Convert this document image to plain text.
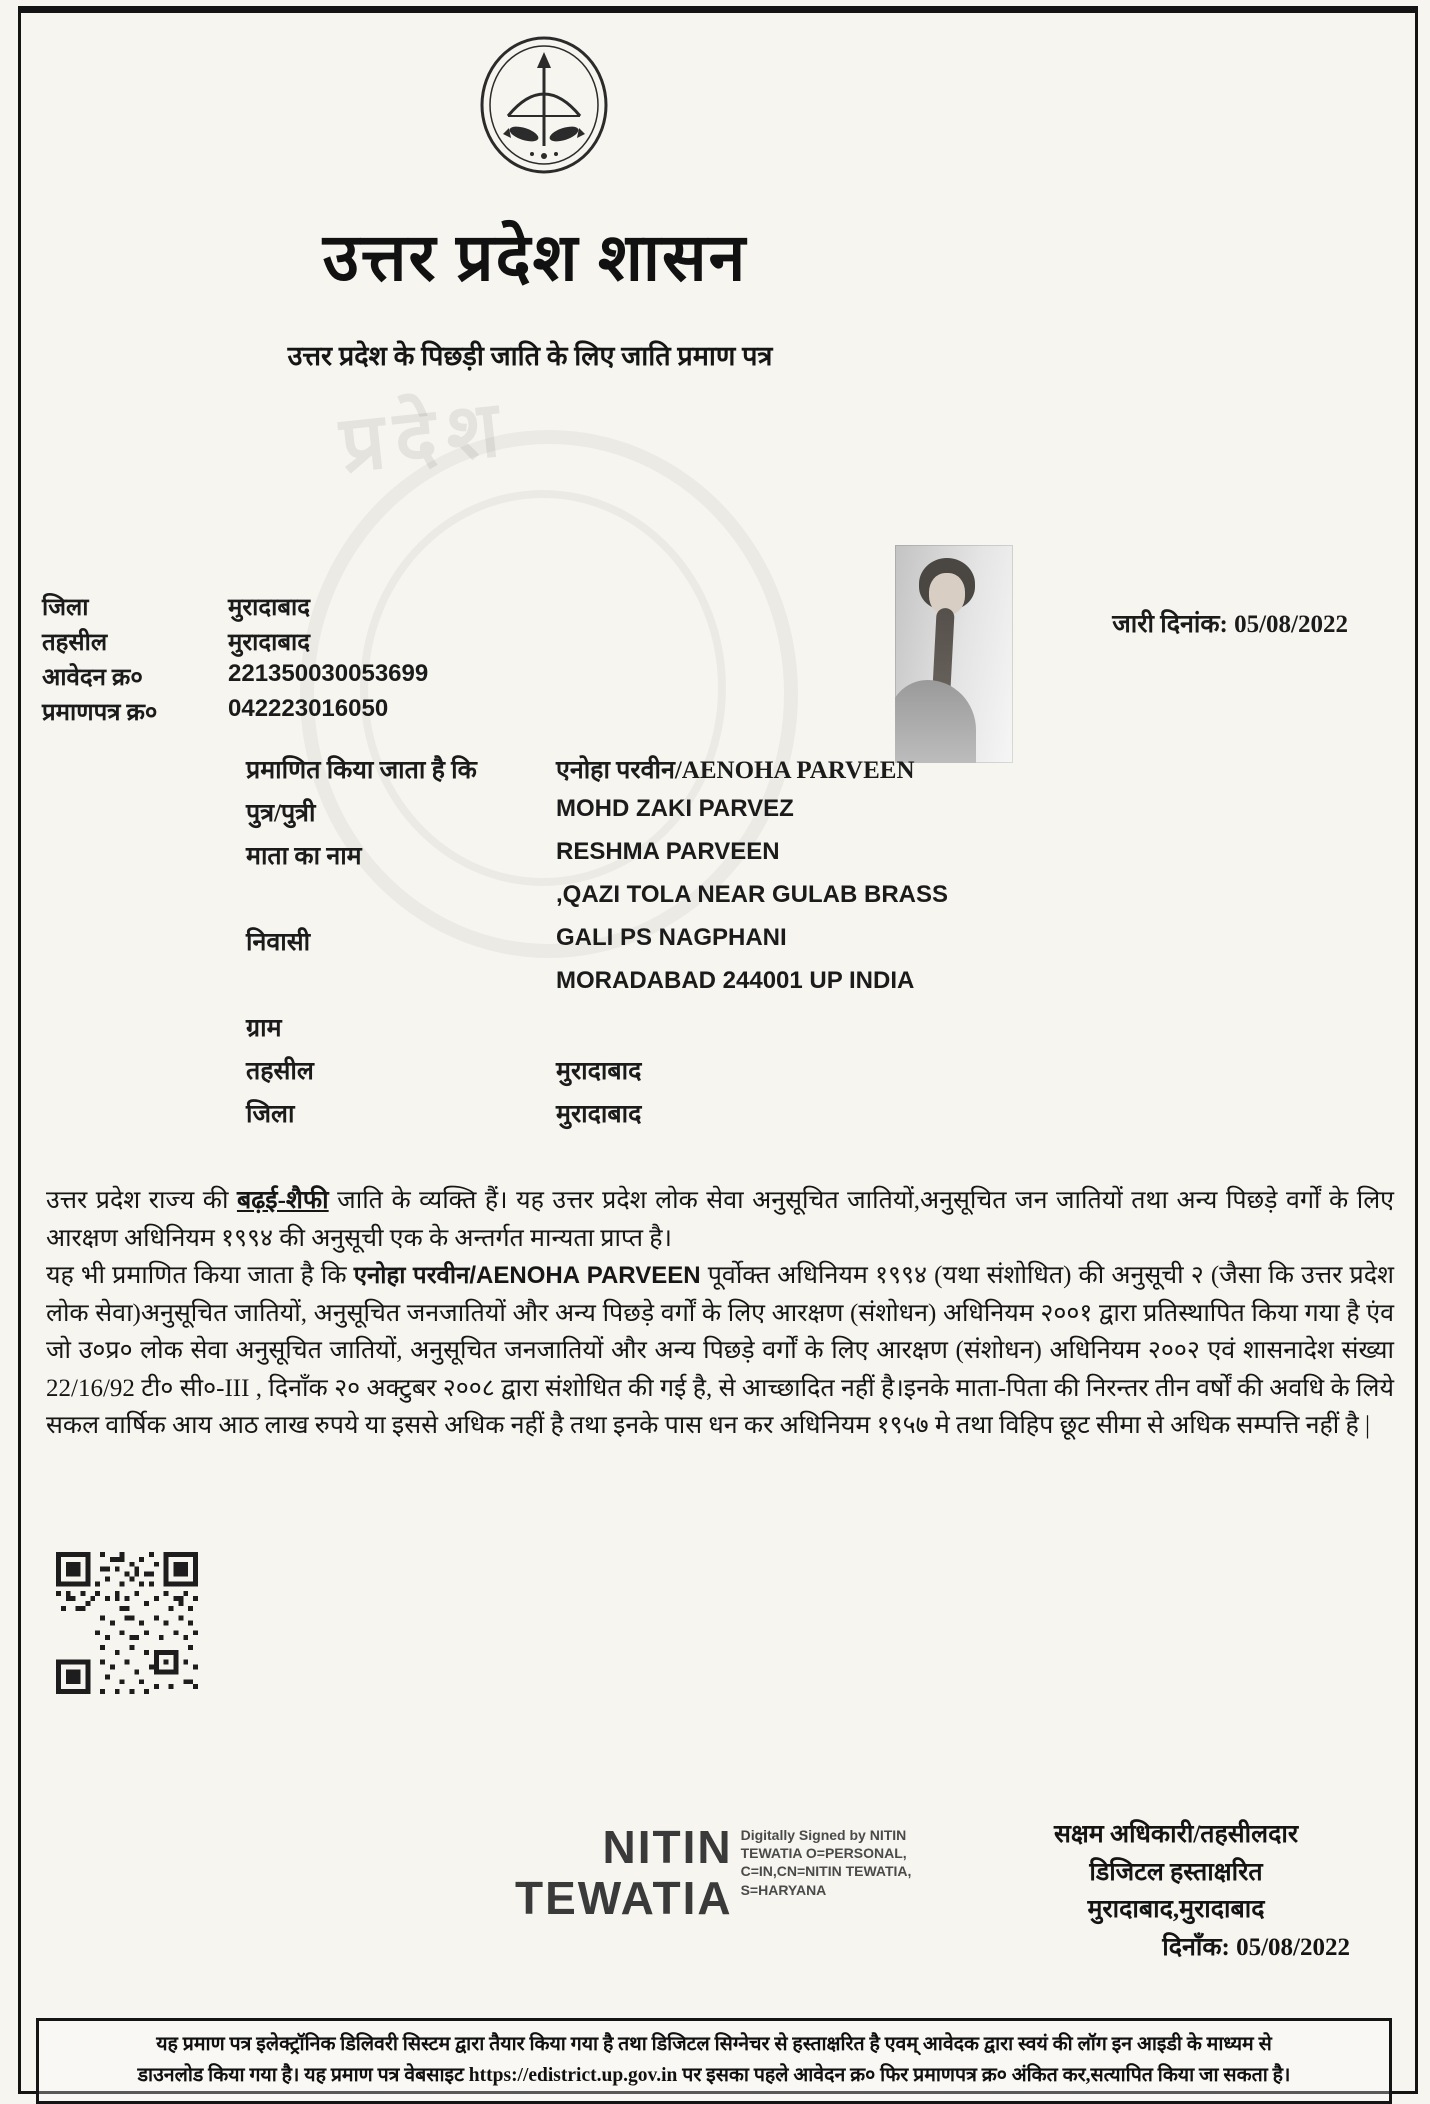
प्रदेश
उत्तर प्रदेश शासन
उत्तर प्रदेश के पिछड़ी जाति के लिए जाति प्रमाण पत्र
जिला	मुरादाबाद
तहसील	मुरादाबाद
आवेदन क्र०	221350030053699
प्रमाणपत्र क्र०	042223016050
जारी दिनांक: 05/08/2022
प्रमाणित किया जाता है कि	एनोहा परवीन/AENOHA PARVEEN
पुत्र/पुत्री	MOHD ZAKI PARVEZ
माता का नाम	RESHMA PARVEEN
,QAZI TOLA NEAR GULAB BRASS
निवासी	GALI PS NAGPHANI
MORADABAD 244001 UP INDIA
ग्राम
तहसील	मुरादाबाद
जिला	मुरादाबाद

उत्तर प्रदेश राज्य की बढ़ई-शैफी जाति के व्यक्ति हैं। यह उत्तर प्रदेश लोक सेवा अनुसूचित जातियों,अनुसूचित जन जातियों तथा अन्य पिछड़े वर्गों के लिए आरक्षण अधिनियम १९९४ की अनुसूची एक के अन्तर्गत मान्यता प्राप्त है।

यह भी प्रमाणित किया जाता है कि एनोहा परवीन/AENOHA PARVEEN पूर्वोक्त अधिनियम १९९४ (यथा संशोधित) की अनुसूची २ (जैसा कि उत्तर प्रदेश लोक सेवा)अनुसूचित जातियों, अनुसूचित जनजातियों और अन्य पिछड़े वर्गों के लिए आरक्षण (संशोधन) अधिनियम २००१ द्वारा प्रतिस्थापित किया गया है एंव जो उ०प्र० लोक सेवा अनुसूचित जातियों, अनुसूचित जनजातियों और अन्य पिछड़े वर्गों के लिए आरक्षण (संशोधन) अधिनियम २००२ एवं शासनादेश संख्या 22/16/92 टी० सी०-III , दिनाँक २० अक्टुबर २००८ द्वारा संशोधित की गई है, से आच्छादित नहीं है।इनके माता-पिता की निरन्तर तीन वर्षों की अवधि के लिये सकल वार्षिक आय आठ लाख रुपये या इससे अधिक नहीं है तथा इनके पास धन कर अधिनियम १९५७ मे तथा विहिप छूट सीमा से अधिक सम्पत्ति नहीं है |

NITIN
TEWATIA
Digitally Signed by NITIN TEWATIA O=PERSONAL, C=IN,CN=NITIN TEWATIA, S=HARYANA
सक्षम अधिकारी/तहसीलदार
डिजिटल हस्ताक्षरित
मुरादाबाद,मुरादाबाद
दिनाँक: 05/08/2022
यह प्रमाण पत्र इलेक्ट्रॉनिक डिलिवरी सिस्टम द्वारा तैयार किया गया है तथा डिजिटल सिग्नेचर से हस्ताक्षरित है एवम् आवेदक द्वारा स्वयं की लॉग इन आइडी के माध्यम से
डाउनलोड किया गया है। यह प्रमाण पत्र वेबसाइट https://edistrict.up.gov.in पर इसका पहले आवेदन क्र० फिर प्रमाणपत्र क्र० अंकित कर,सत्यापित किया जा सकता है।
